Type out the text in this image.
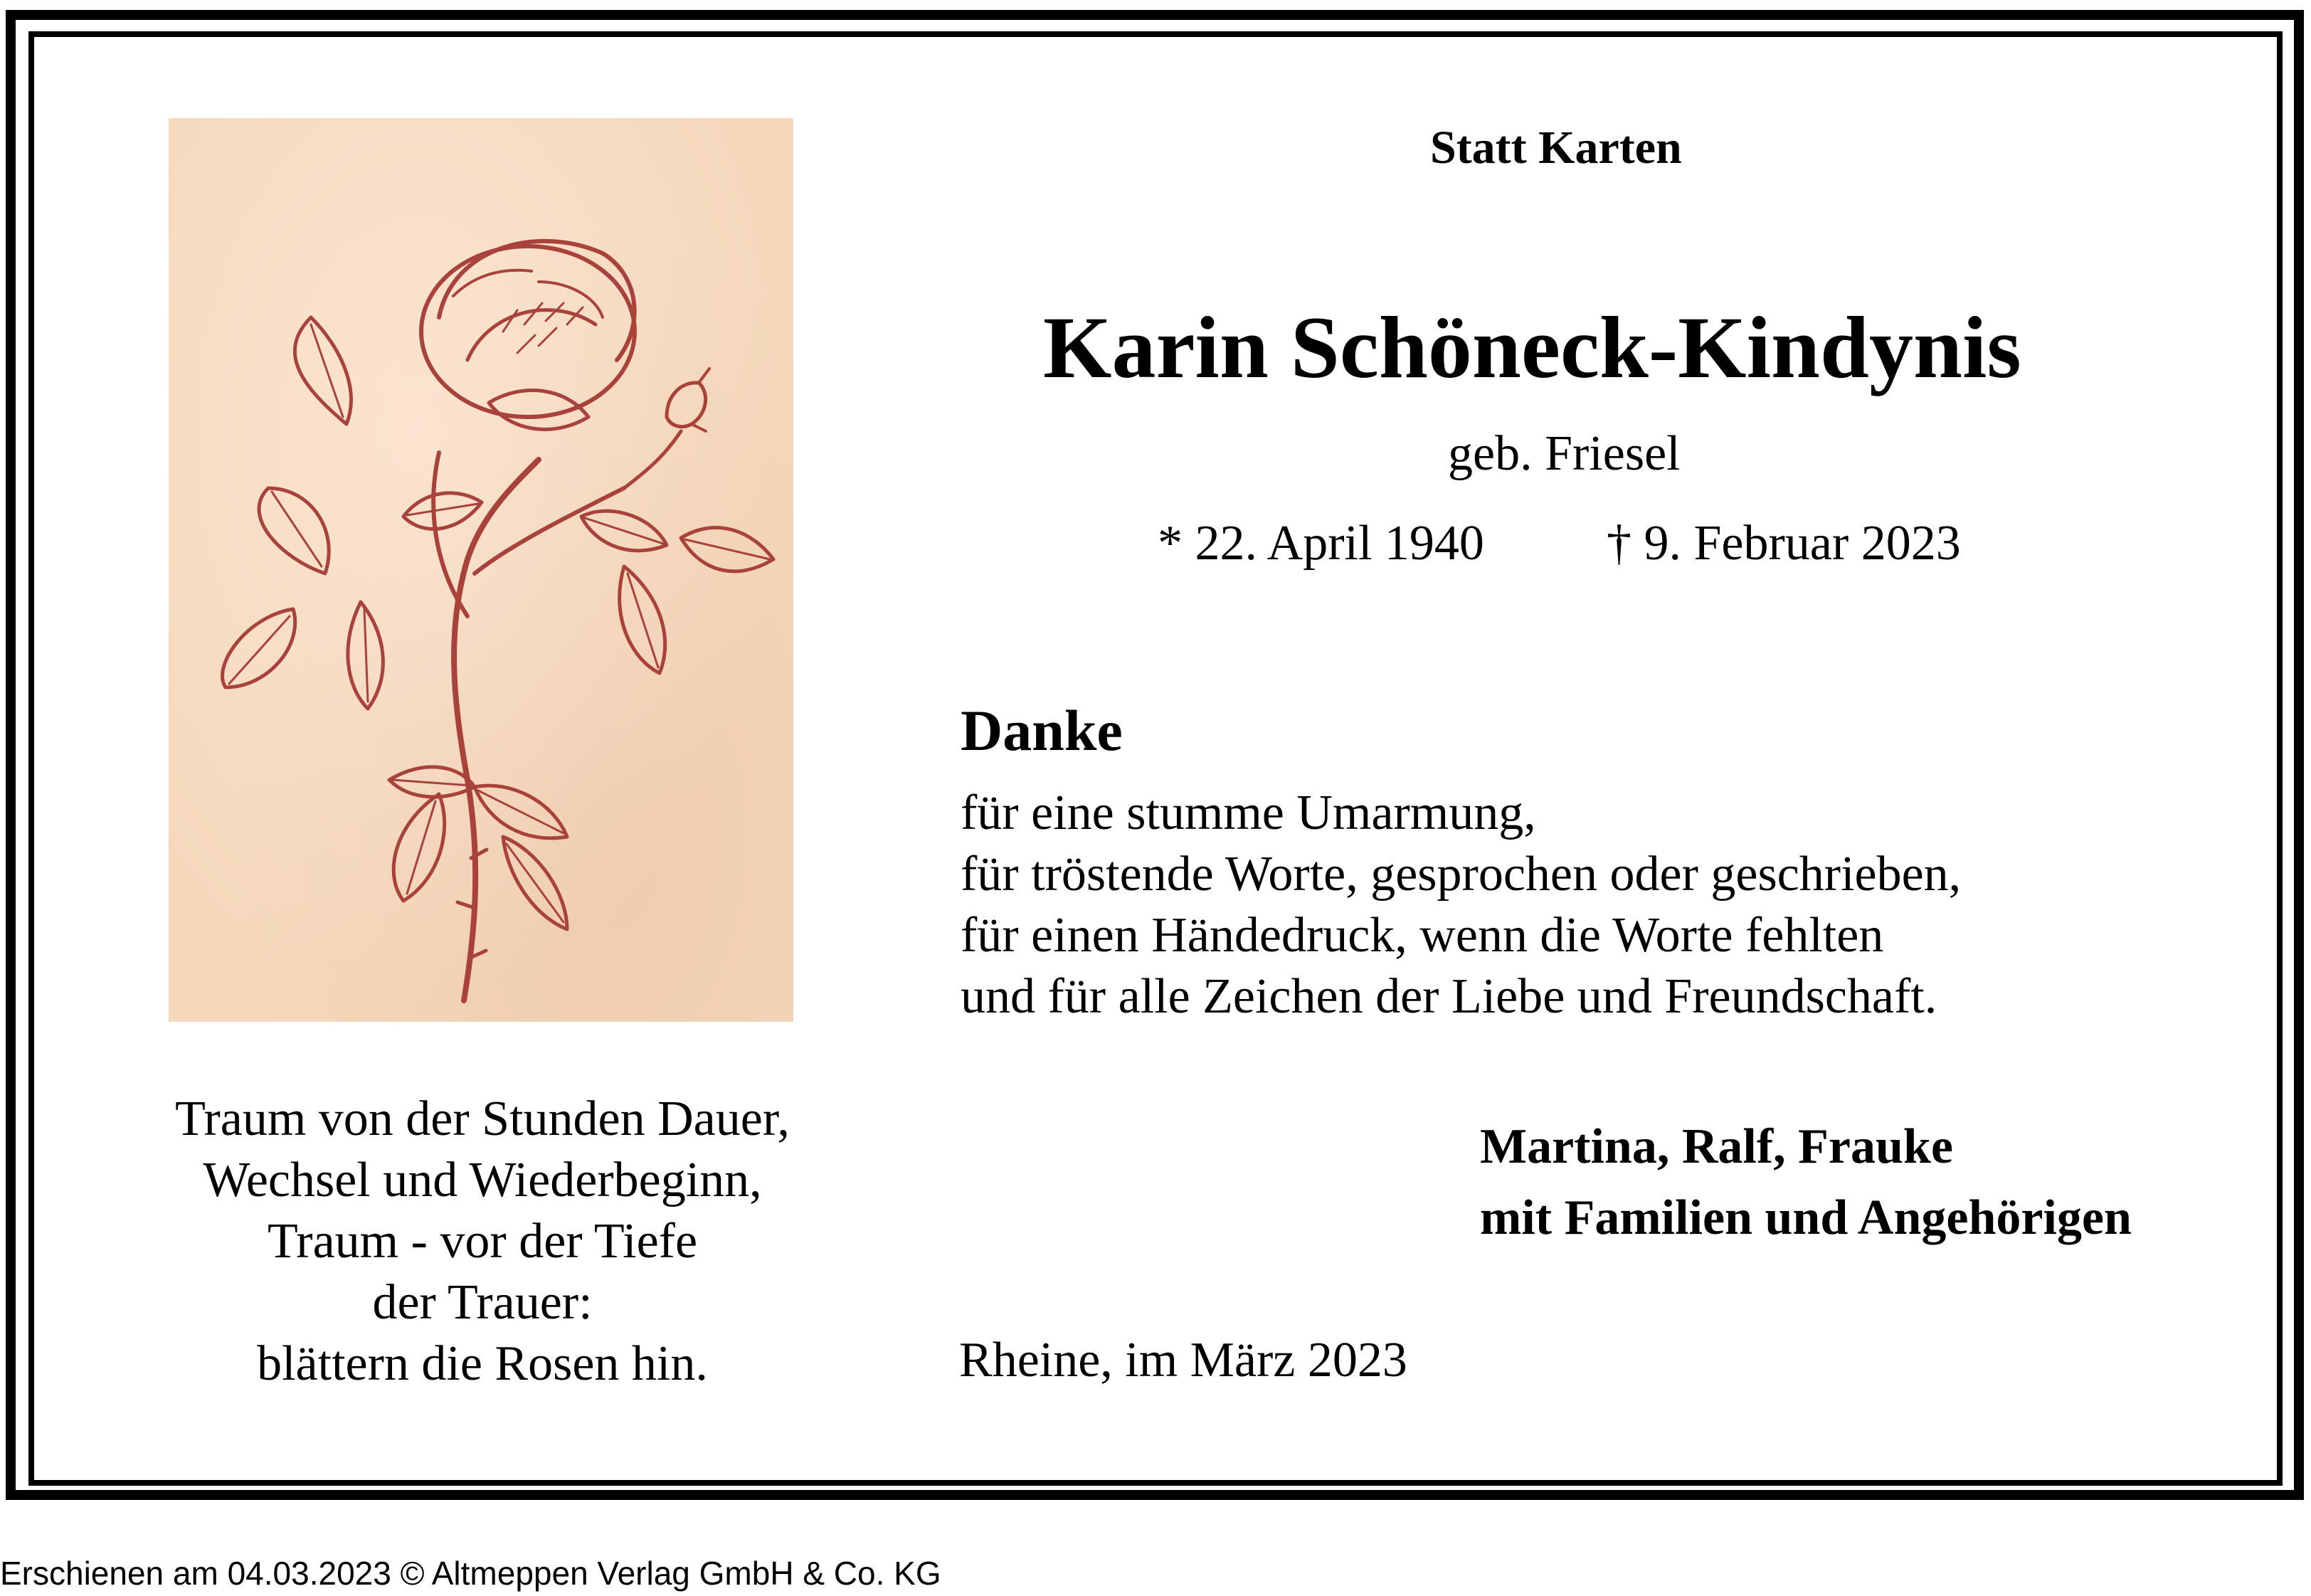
Statt Karten
Karin Schöneck-Kindynis
geb. Friesel
* 22. April 1940 † 9. Februar 2023
Danke
für eine stumme Umarmung,
für tröstende Worte, gesprochen oder geschrieben,
für einen Händedruck, wenn die Worte fehlten
und für alle Zeichen der Liebe und Freundschaft.
Traum von der Stunden Dauer,
Wechsel und Wiederbeginn,
Traum - vor der Tiefe
der Trauer:
blättern die Rosen hin.
Martina, Ralf, Frauke
mit Familien und Angehörigen
Rheine, im März 2023
Erschienen am 04.03.2023 © Altmeppen Verlag GmbH & Co. KG
